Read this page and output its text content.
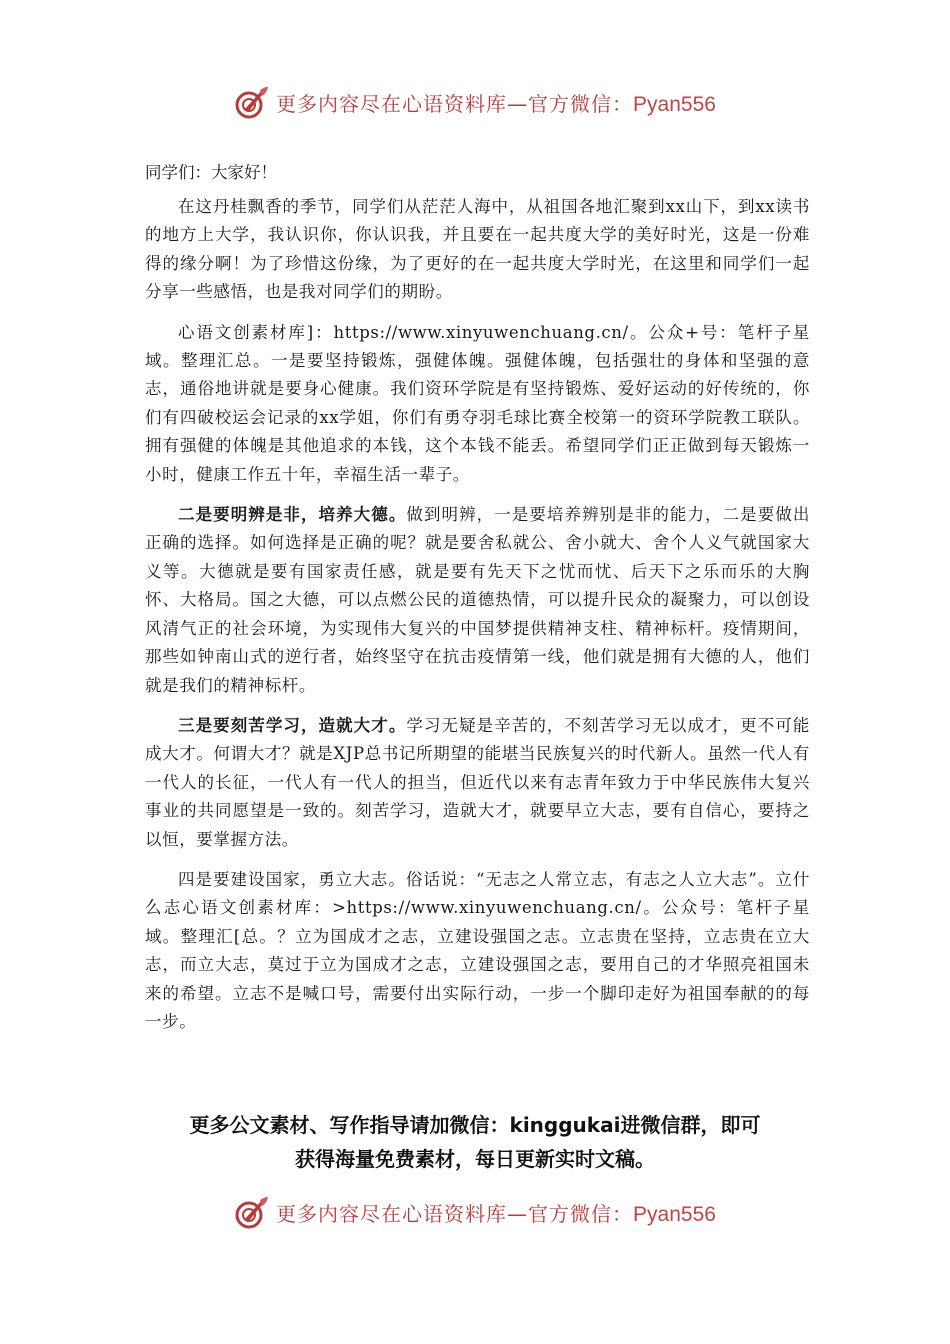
更多内容尽在心语资料库—官方微信：Pyan556

同学们：大家好！

在这丹桂飘香的季节，同学们从茫茫人海中，从祖国各地汇聚到xx山下，到xx读书的地方上大学，我认识你，你认识我，并且要在一起共度大学的美好时光，这是一份难得的缘分啊！为了珍惜这份缘，为了更好的在一起共度大学时光，在这里和同学们一起分享一些感悟，也是我对同学们的期盼。

心语文创素材库]：https://www.xinyuwenchuang.cn/。公众+号：笔杆子星域。整理汇总。一是要坚持锻炼，强健体魄。强健体魄，包括强壮的身体和坚强的意志，通俗地讲就是要身心健康。我们资环学院是有坚持锻炼、爱好运动的好传统的，你们有四破校运会记录的xx学姐，你们有勇夺羽毛球比赛全校第一的资环学院教工联队。拥有强健的体魄是其他追求的本钱，这个本钱不能丢。希望同学们正正做到每天锻炼一小时，健康工作五十年，幸福生活一辈子。

二是要明辨是非，培养大德。做到明辨，一是要培养辨别是非的能力，二是要做出正确的选择。如何选择是正确的呢？就是要舍私就公、舍小就大、舍个人义气就国家大义等。大德就是要有国家责任感，就是要有先天下之忧而忧、后天下之乐而乐的大胸怀、大格局。国之大德，可以点燃公民的道德热情，可以提升民众的凝聚力，可以创设风清气正的社会环境，为实现伟大复兴的中国梦提供精神支柱、精神标杆。疫情期间，那些如钟南山式的逆行者，始终坚守在抗击疫情第一线，他们就是拥有大德的人，他们就是我们的精神标杆。

三是要刻苦学习，造就大才。学习无疑是辛苦的，不刻苦学习无以成才，更不可能成大才。何谓大才？就是XJP总书记所期望的能堪当民族复兴的时代新人。虽然一代人有一代人的长征，一代人有一代人的担当，但近代以来有志青年致力于中华民族伟大复兴事业的共同愿望是一致的。刻苦学习，造就大才，就要早立大志，要有自信心，要持之以恒，要掌握方法。

四是要建设国家，勇立大志。俗话说：“无志之人常立志，有志之人立大志”。立什么志心语文创素材库：>https://www.xinyuwenchuang.cn/。公众号：笔杆子星域。整理汇[总。？立为国成才之志，立建设强国之志。立志贵在坚持，立志贵在立大志，而立大志，莫过于立为国成才之志，立建设强国之志，要用自己的才华照亮祖国未来的希望。立志不是喊口号，需要付出实际行动，一步一个脚印走好为祖国奉献的的每一步。

更多公文素材、写作指导请加微信：kinggukai进微信群，即可
获得海量免费素材，每日更新实时文稿。
更多内容尽在心语资料库—官方微信：Pyan556
